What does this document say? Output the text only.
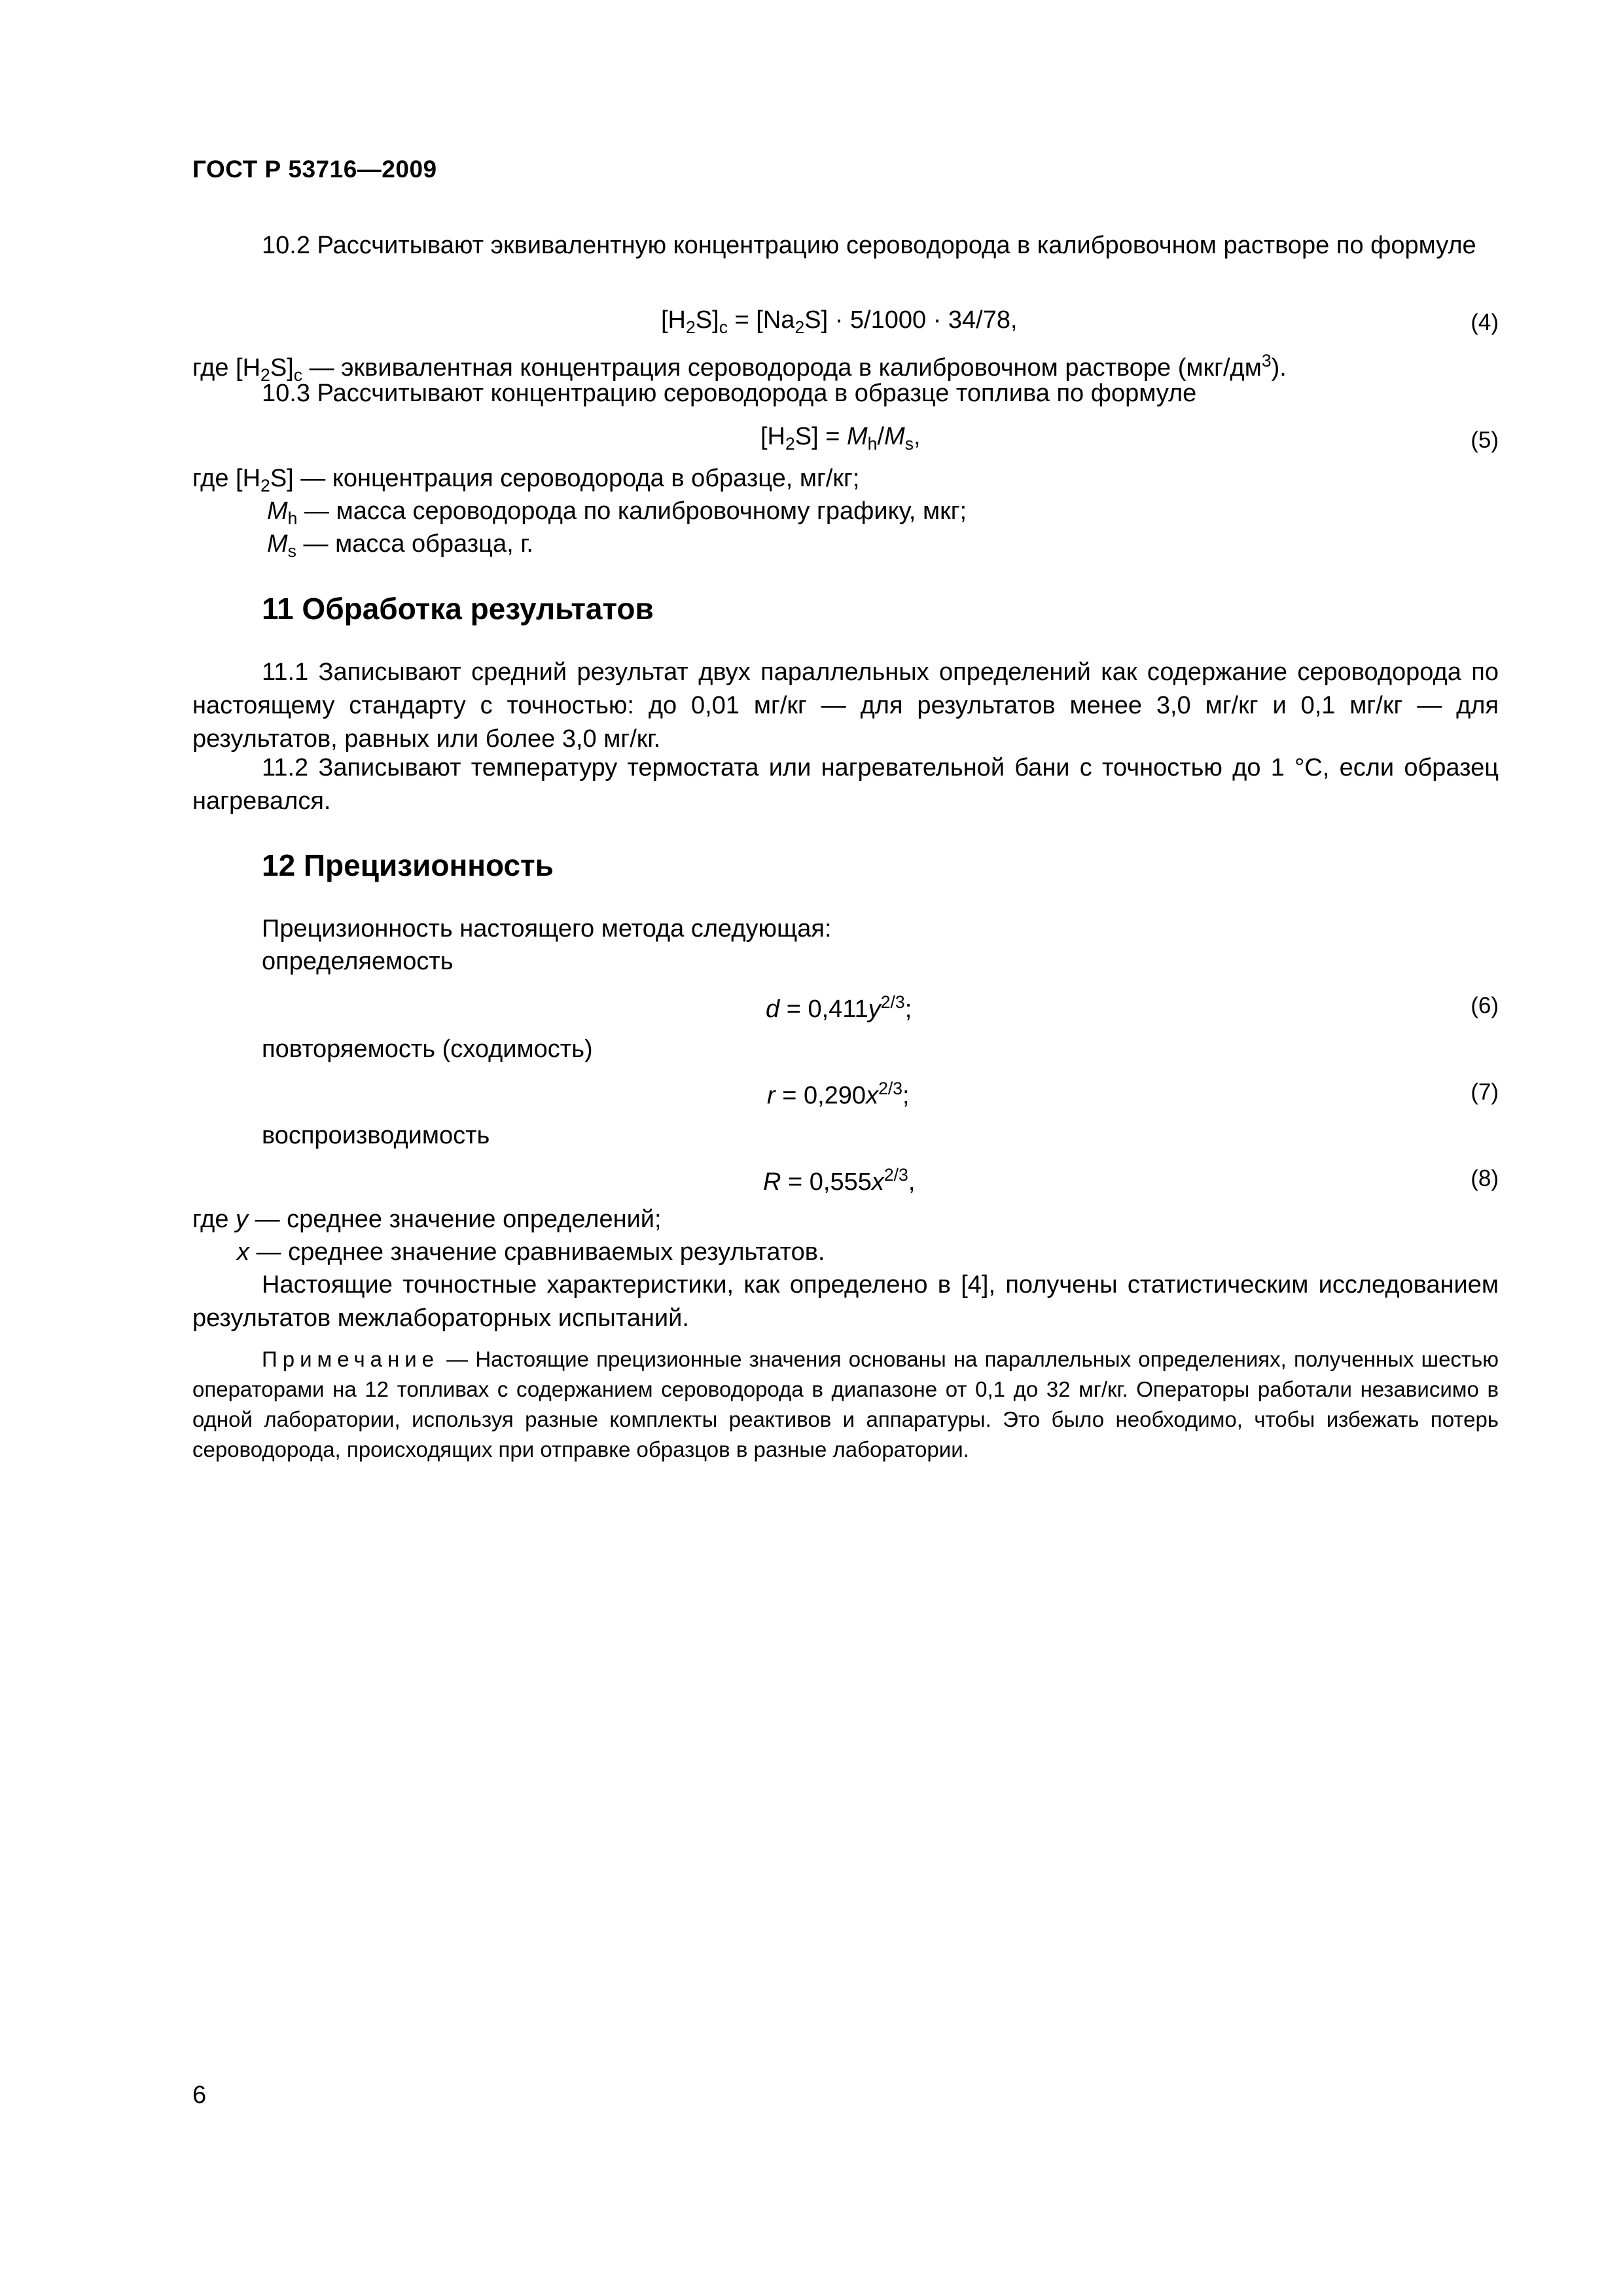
ГОСТ Р 53716—2009
10.2 Рассчитывают эквивалентную концентрацию сероводорода в калибровочном растворе по формуле
$[H_2S]_c = [Na_2S] \cdot 5/1000 \cdot 34/78$,	(4)
где $[H_2S]_c$ — эквивалентная концентрация сероводорода в калибровочном растворе $(мкг/дм^3)$.
10.3 Рассчитывают концентрацию сероводорода в образце топлива по формуле
$[H_2S] = M_h/M_s$,	(5)
где $[H_2S]$ — концентрация сероводорода в образце, мг/кг;
$M_h$ — масса сероводорода по калибровочному графику, мкг;
$M_s$ — масса образца, г.
11 Обработка результатов
11.1 Записывают средний результат двух параллельных определений как содержание сероводорода по настоящему стандарту с точностью: до 0,01 мг/кг — для результатов менее 3,0 мг/кг и 0,1 мг/кг — для результатов, равных или более 3,0 мг/кг.
11.2 Записывают температуру термостата или нагревательной бани с точностью до 1 °С, если образец нагревался.
12 Прецизионность
Прецизионность настоящего метода следующая:
определяемость
$d = 0,411y^{2/3}$;	(6)
повторяемость (сходимость)
$r = 0,290x^{2/3}$;	(7)
воспроизводимость
$R = 0,555x^{2/3}$,	(8)
где y — среднее значение определений;
x — среднее значение сравниваемых результатов.
Настоящие точностные характеристики, как определено в [4], получены статистическим исследованием результатов межлабораторных испытаний.
Примечание — Настоящие прецизионные значения основаны на параллельных определениях, полученных шестью операторами на 12 топливах с содержанием сероводорода в диапазоне от 0,1 до 32 мг/кг. Операторы работали независимо в одной лаборатории, используя разные комплекты реактивов и аппаратуры. Это было необходимо, чтобы избежать потерь сероводорода, происходящих при отправке образцов в разные лаборатории.
6
